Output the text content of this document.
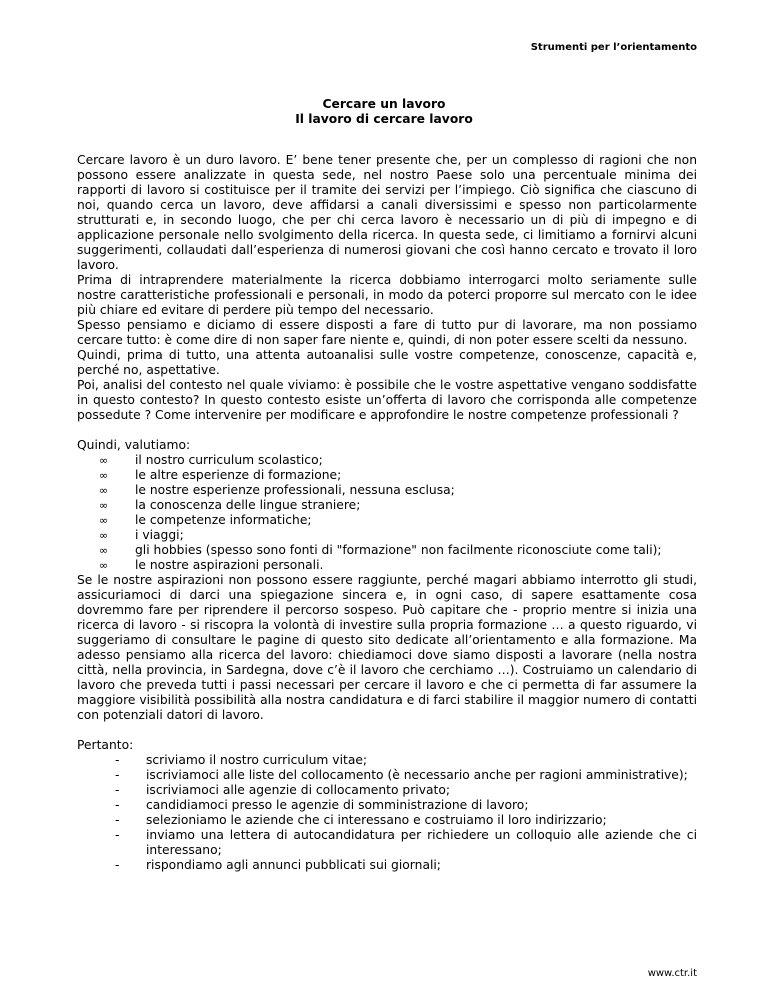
Strumenti per l’orientamento
Cercare un lavoro
Il lavoro di cercare lavoro

Cercare lavoro è un duro lavoro. E’ bene tener presente che, per un complesso di ragioni che non possono essere analizzate in questa sede, nel nostro Paese solo una percentuale minima dei rapporti di lavoro si costituisce per il tramite dei servizi per l’impiego. Ciò significa che ciascuno di noi, quando cerca un lavoro, deve affidarsi a canali diversissimi e spesso non particolarmente strutturati e, in secondo luogo, che per chi cerca lavoro è necessario un di più di impegno e di applicazione personale nello svolgimento della ricerca. In questa sede, ci limitiamo a fornirvi alcuni suggerimenti, collaudati dall’esperienza di numerosi giovani che così hanno cercato e trovato il loro lavoro.

Prima di intraprendere materialmente la ricerca dobbiamo interrogarci molto seriamente sulle nostre caratteristiche professionali e personali, in modo da poterci proporre sul mercato con le idee più chiare ed evitare di perdere più tempo del necessario.

Spesso pensiamo e diciamo di essere disposti a fare di tutto pur di lavorare, ma non possiamo cercare tutto: è come dire di non saper fare niente e, quindi, di non poter essere scelti da nessuno.

Quindi, prima di tutto, una attenta autoanalisi sulle vostre competenze, conoscenze, capacità e, perché no, aspettative.

Poi, analisi del contesto nel quale viviamo: è possibile che le vostre aspettative vengano soddisfatte in questo contesto? In questo contesto esiste un’offerta di lavoro che corrisponda alle competenze possedute ? Come intervenire per modificare e approfondire le nostre competenze professionali ?

Quindi, valutiamo:

∞ il nostro curriculum scolastico;
∞ le altre esperienze di formazione;
∞ le nostre esperienze professionali, nessuna esclusa;
∞ la conoscenza delle lingue straniere;
∞ le competenze informatiche;
∞ i viaggi;
∞ gli hobbies (spesso sono fonti di "formazione" non facilmente riconosciute come tali);
∞ le nostre aspirazioni personali.

Se le nostre aspirazioni non possono essere raggiunte, perché magari abbiamo interrotto gli studi, assicuriamoci di darci una spiegazione sincera e, in ogni caso, di sapere esattamente cosa dovremmo fare per riprendere il percorso sospeso. Può capitare che - proprio mentre si inizia una ricerca di lavoro - si riscopra la volontà di investire sulla propria formazione … a questo riguardo, vi suggeriamo di consultare le pagine di questo sito dedicate all’orientamento e alla formazione. Ma adesso pensiamo alla ricerca del lavoro: chiediamoci dove siamo disposti a lavorare (nella nostra città, nella provincia, in Sardegna, dove c’è il lavoro che cerchiamo …). Costruiamo un calendario di lavoro che preveda tutti i passi necessari per cercare il lavoro e che ci permetta di far assumere la maggiore visibilità possibilità alla nostra candidatura e di farci stabilire il maggior numero di contatti con potenziali datori di lavoro.

Pertanto:

- scriviamo il nostro curriculum vitae;
- iscriviamoci alle liste del collocamento (è necessario anche per ragioni amministrative);
- iscriviamoci alle agenzie di collocamento privato;
- candidiamoci presso le agenzie di somministrazione di lavoro;
- selezioniamo le aziende che ci interessano e costruiamo il loro indirizzario;
- inviamo una lettera di autocandidatura per richiedere un colloquio alle aziende che ci interessano;
- rispondiamo agli annunci pubblicati sui giornali;
www.ctr.it
